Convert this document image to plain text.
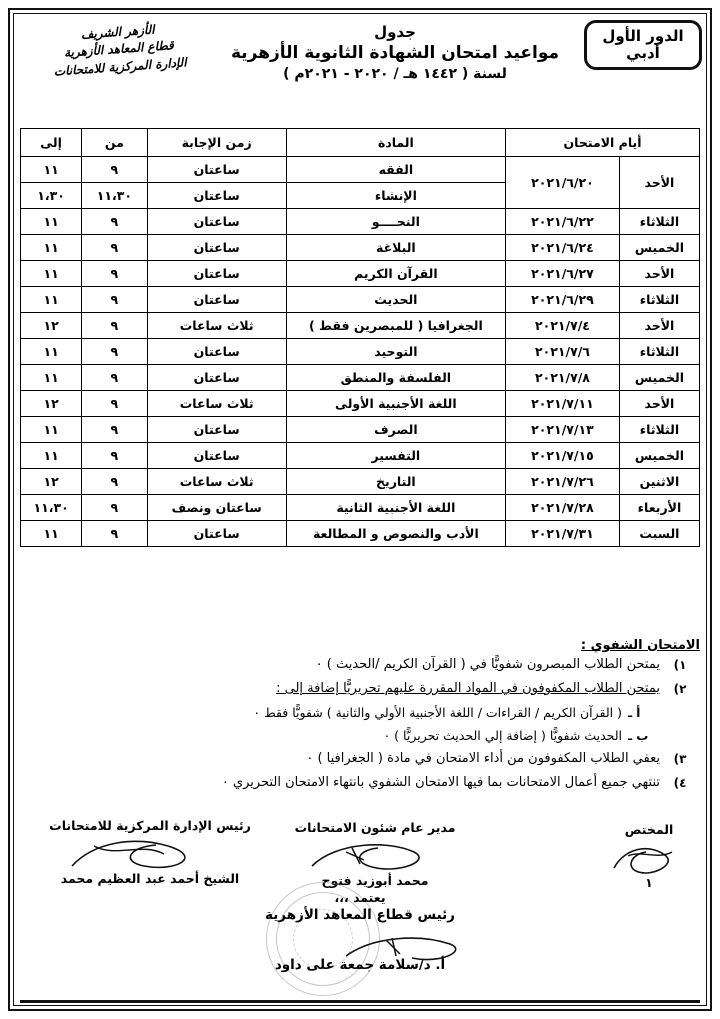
الدور الأول
أدبي
جدول
مواعيد امتحان الشهادة الثانوية الأزهرية
لسنة ( ١٤٤٢ هـ / ٢٠٢٠ - ٢٠٢١م )
الأزهر الشريف
قطاع المعاهد الأزهرية
الإدارة المركزية للامتحانات
أيام الامتحان		المادة	زمن الإجابة	من	إلى
الأحد	٢٠٢١/٦/٢٠	الفقه	ساعتان	٩	١١
		الإنشاء	ساعتان	١١،٣٠	١،٣٠
الثلاثاء	٢٠٢١/٦/٢٢	النحــــو	ساعتان	٩	١١
الخميس	٢٠٢١/٦/٢٤	البلاغة	ساعتان	٩	١١
الأحد	٢٠٢١/٦/٢٧	القرآن الكريم	ساعتان	٩	١١
الثلاثاء	٢٠٢١/٦/٢٩	الحديث	ساعتان	٩	١١
الأحد	٢٠٢١/٧/٤	الجغرافيا ( للمبصرين فقط )	ثلاث ساعات	٩	١٢
الثلاثاء	٢٠٢١/٧/٦	التوحيد	ساعتان	٩	١١
الخميس	٢٠٢١/٧/٨	الفلسفة والمنطق	ساعتان	٩	١١
الأحد	٢٠٢١/٧/١١	اللغة الأجنبية الأولى	ثلاث ساعات	٩	١٢
الثلاثاء	٢٠٢١/٧/١٣	الصرف	ساعتان	٩	١١
الخميس	٢٠٢١/٧/١٥	التفسير	ساعتان	٩	١١
الاثنين	٢٠٢١/٧/٢٦	التاريخ	ثلاث ساعات	٩	١٢
الأربعاء	٢٠٢١/٧/٢٨	اللغة الأجنبية الثانية	ساعتان ونصف	٩	١١،٣٠
السبت	٢٠٢١/٧/٣١	الأدب والنصوص و المطالعة	ساعتان	٩	١١
الامتحان الشفوي :
١)
يمتحن الطلاب المبصرون شفويًّا في ( القرآن الكريم /الحديث ) ٠
٢)
يمتحن الطلاب المكفوفون في المواد المقررة عليهم تحريريًّا إضافة إلى :
أ ـ
( القرآن الكريم / القراءات / اللغة الأجنبية الأولي والثانية ) شفويًّا فقط ٠
ب ـ
الحديث شفويًّا ( إضافة إلي الحديث تحريريًّا ) ٠
٣)
يعفي الطلاب المكفوفون من أداء الامتحان في مادة ( الجغرافيا ) ٠
٤)
تنتهي جميع أعمال الامتحانات بما فيها الامتحان الشفوي بانتهاء الامتحان التحريري ٠
المختص
١
مدير عام شئون الامتحانات
محمد أبوزيد فتوح
رئيس الإدارة المركزية للامتحانات
الشيخ أحمد عبد العظيم محمد
يعتمد ،،،
رئيس قطاع المعاهد الأزهرية
أ. د/سلامة جمعة على داود
